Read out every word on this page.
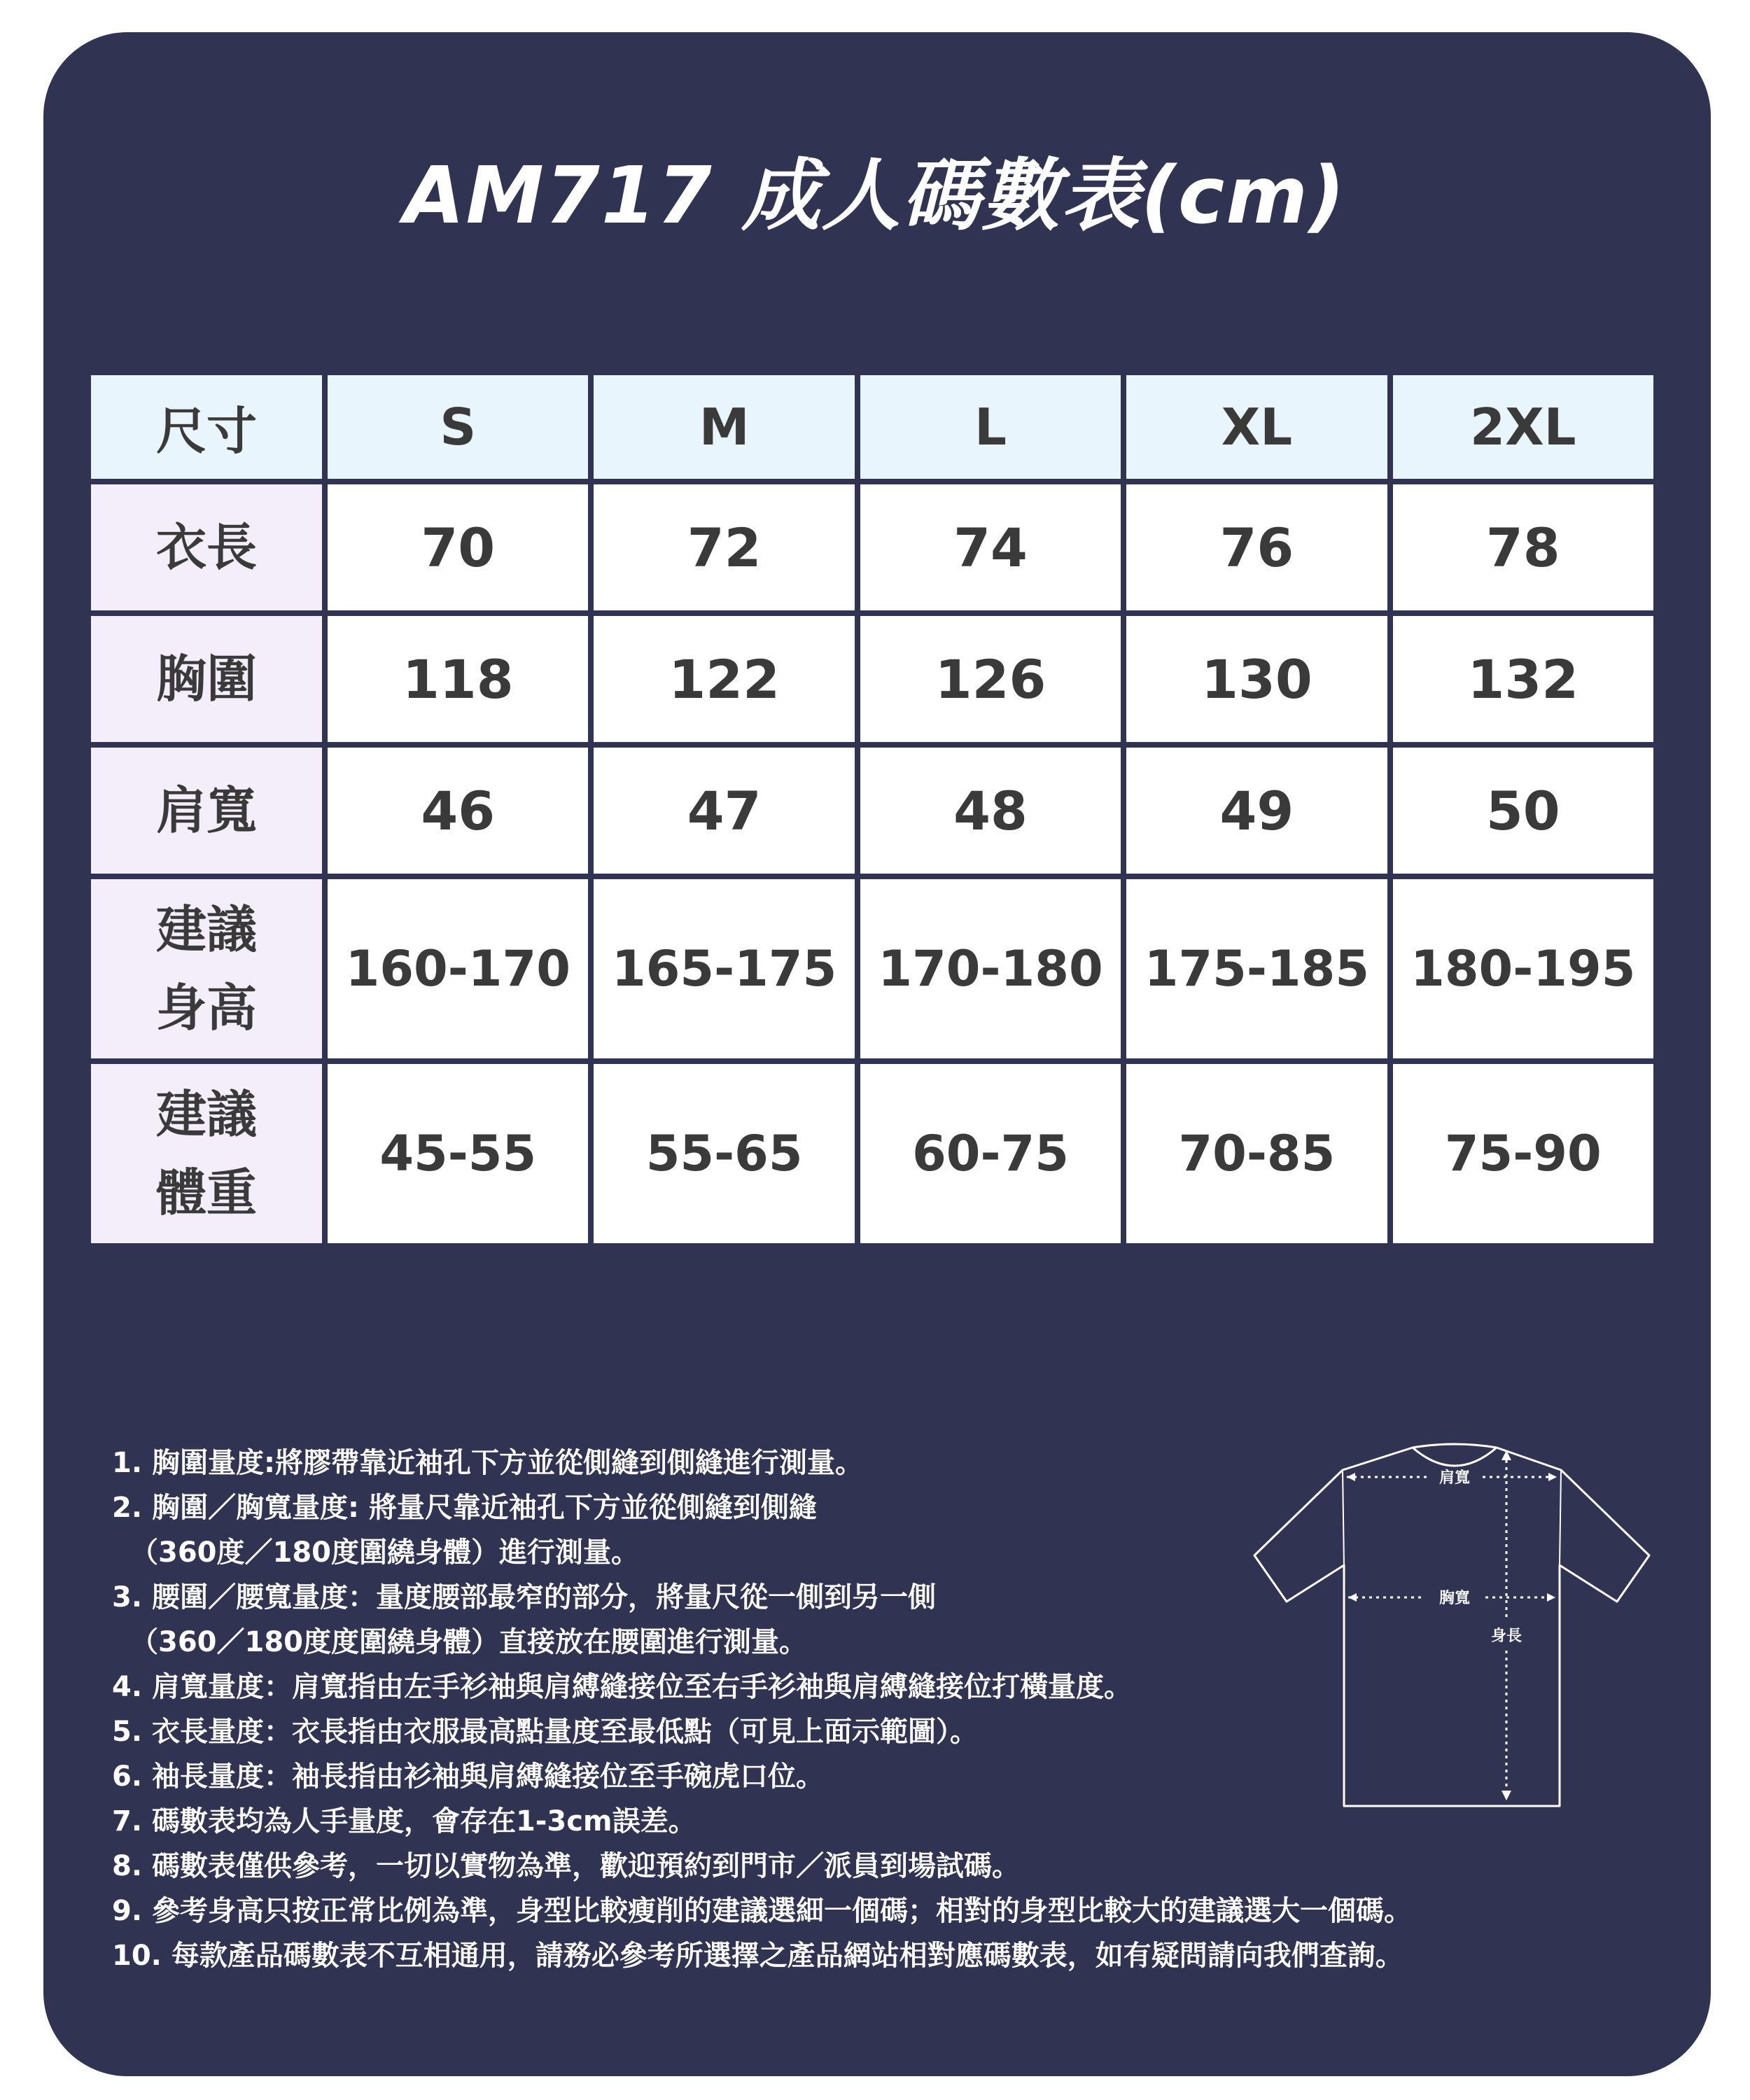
AM717 成人碼數表(cm)
尺寸	S	M	L	XL	2XL
衣長	70	72	74	76	78
胸圍	118	122	126	130	132
肩寬	46	47	48	49	50

建議
身高	160-170	165-175	170-180	175-185	180-195

建議
體重	45-55	55-65	60-75	70-85	75-90
1. 胸圍量度:將膠帶靠近袖孔下方並從側縫到側縫進行測量。
2. 胸圍／胸寬量度: 將量尺靠近袖孔下方並從側縫到側縫
（360度／180度圍繞身體）進行測量。
3. 腰圍／腰寬量度：量度腰部最窄的部分，將量尺從一側到另一側
（360／180度度圍繞身體）直接放在腰圍進行測量。
4. 肩寬量度：肩寬指由左手衫袖與肩縛縫接位至右手衫袖與肩縛縫接位打橫量度。
5. 衣長量度：衣長指由衣服最高點量度至最低點（可見上面示範圖）。
6. 袖長量度：袖長指由衫袖與肩縛縫接位至手碗虎口位。
7. 碼數表均為人手量度，會存在1-3cm誤差。
8. 碼數表僅供參考，一切以實物為準，歡迎預約到門市／派員到場試碼。
9. 參考身高只按正常比例為準，身型比較瘦削的建議選細一個碼；相對的身型比較大的建議選大一個碼。
10. 每款產品碼數表不互相通用，請務必參考所選擇之產品網站相對應碼數表，如有疑問請向我們查詢。
肩寬
胸寬
身長
